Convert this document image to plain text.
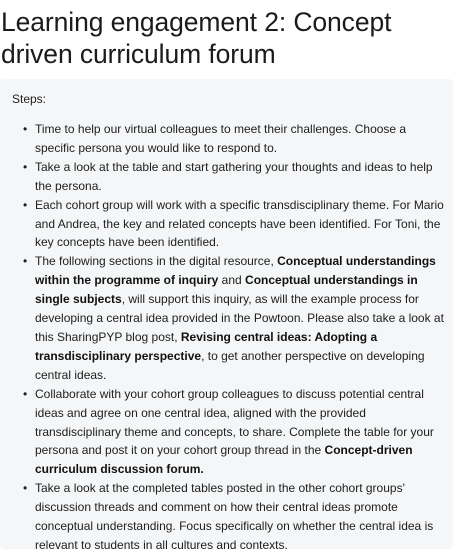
Learning engagement 2: Concept driven curriculum forum
Steps:
• Time to help our virtual colleagues to meet their challenges. Choose a specific persona you would like to respond to.
• Take a look at the table and start gathering your thoughts and ideas to help the persona.
• Each cohort group will work with a specific transdisciplinary theme. For Mario and Andrea, the key and related concepts have been identified. For Toni, the key concepts have been identified.
• The following sections in the digital resource, Conceptual understandings within the programme of inquiry and Conceptual understandings in single subjects, will support this inquiry, as will the example process for developing a central idea provided in the Powtoon. Please also take a look at this SharingPYP blog post, Revising central ideas: Adopting a transdisciplinary perspective, to get another perspective on developing central ideas.
• Collaborate with your cohort group colleagues to discuss potential central ideas and agree on one central idea, aligned with the provided transdisciplinary theme and concepts, to share. Complete the table for your persona and post it on your cohort group thread in the Concept-driven curriculum discussion forum.
• Take a look at the completed tables posted in the other cohort groups' discussion threads and comment on how their central ideas promote conceptual understanding. Focus specifically on whether the central idea is relevant to students in all cultures and contexts.
